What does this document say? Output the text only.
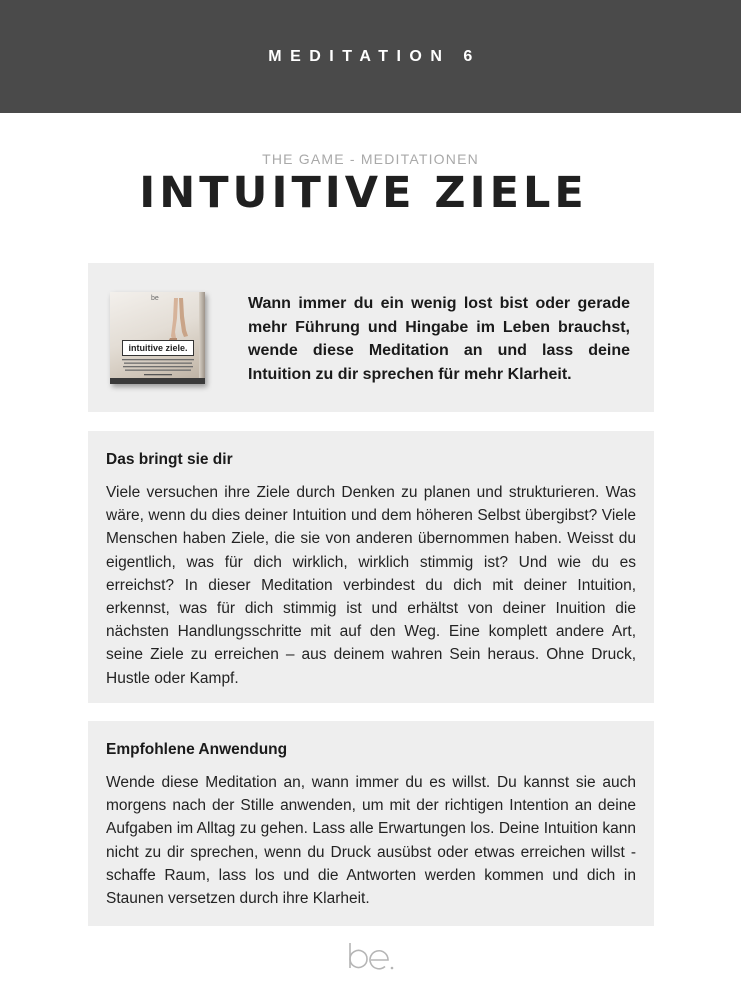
MEDITATION 6
THE GAME - MEDITATIONEN
INTUITIVE ZIELE
be
intuitive ziele.
Wann immer du ein wenig lost bist oder gerade mehr Führung und Hingabe im Leben brauchst, wende diese Meditation an und lass deine Intuition zu dir sprechen für mehr Klarheit.
Das bringt sie dir

Viele versuchen ihre Ziele durch Denken zu planen und strukturieren. Was wäre, wenn du dies deiner Intuition und dem höheren Selbst übergibst? Viele Menschen haben Ziele, die sie von anderen übernommen haben. Weisst du eigentlich, was für dich wirklich, wirklich stimmig ist? Und wie du es erreichst? In dieser Meditation verbindest du dich mit deiner Intuition, erkennst, was für dich stimmig ist und erhältst von deiner Inuition die nächsten Handlungsschritte mit auf den Weg. Eine komplett andere Art, seine Ziele zu erreichen – aus deinem wahren Sein heraus. Ohne Druck, Hustle oder Kampf.

Empfohlene Anwendung

Wende diese Meditation an, wann immer du es willst. Du kannst sie auch morgens nach der Stille anwenden, um mit der richtigen Intention an deine Aufgaben im Alltag zu gehen. Lass alle Erwartungen los. Deine Intuition kann nicht zu dir sprechen, wenn du Druck ausübst oder etwas erreichen willst - schaffe Raum, lass los und die Antworten werden kommen und dich in Staunen versetzen durch ihre Klarheit.
